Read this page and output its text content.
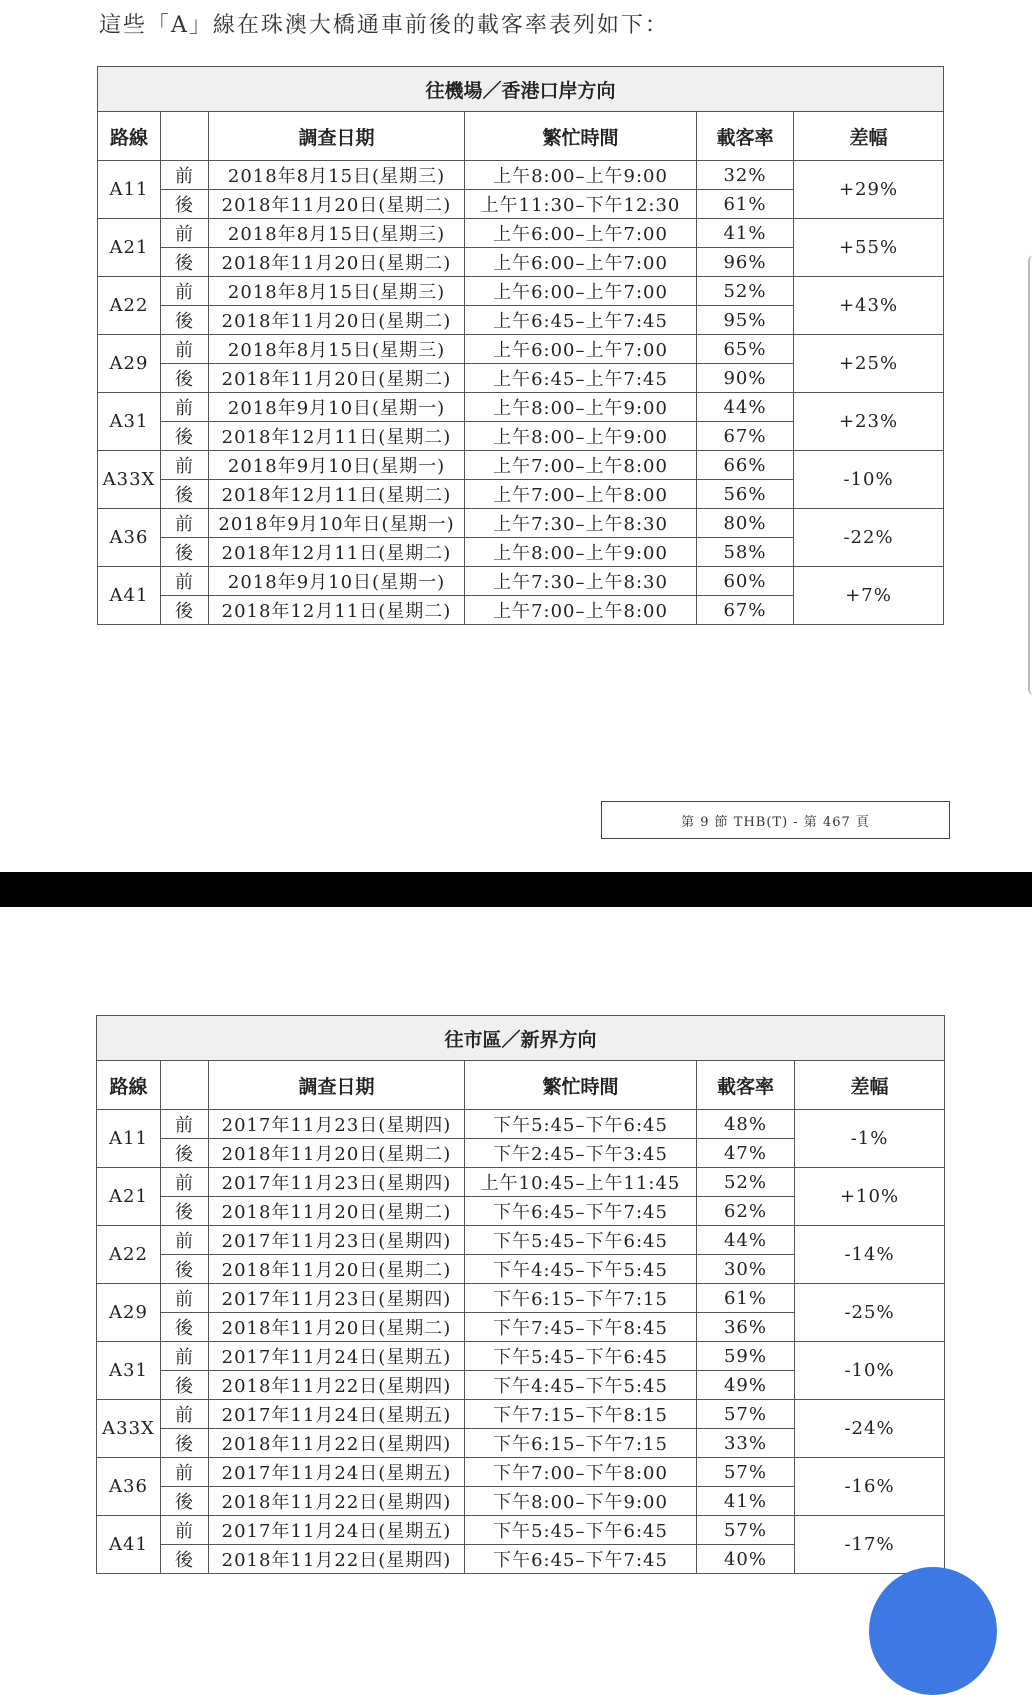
這些「A」線在珠澳大橋通車前後的載客率表列如下：
往機場／香港口岸方向					
路線		調查日期	繁忙時間	載客率	差幅
A11	前	2018年8月15日(星期三)	上午8:00–上午9:00	32%	+29%
	後	2018年11月20日(星期二)	上午11:30–下午12:30	61%	
A21	前	2018年8月15日(星期三)	上午6:00–上午7:00	41%	+55%
	後	2018年11月20日(星期二)	上午6:00–上午7:00	96%	
A22	前	2018年8月15日(星期三)	上午6:00–上午7:00	52%	+43%
	後	2018年11月20日(星期二)	上午6:45–上午7:45	95%	
A29	前	2018年8月15日(星期三)	上午6:00–上午7:00	65%	+25%
	後	2018年11月20日(星期二)	上午6:45–上午7:45	90%	
A31	前	2018年9月10日(星期一)	上午8:00–上午9:00	44%	+23%
	後	2018年12月11日(星期二)	上午8:00–上午9:00	67%	
A33X	前	2018年9月10日(星期一)	上午7:00–上午8:00	66%	-10%
	後	2018年12月11日(星期二)	上午7:00–上午8:00	56%	
A36	前	2018年9月10年日(星期一)	上午7:30–上午8:30	80%	-22%
	後	2018年12月11日(星期二)	上午8:00–上午9:00	58%	
A41	前	2018年9月10日(星期一)	上午7:30–上午8:30	60%	+7%
	後	2018年12月11日(星期二)	上午7:00–上午8:00	67%	
第 9 節 THB(T) - 第 467 頁
往市區／新界方向					
路線		調查日期	繁忙時間	載客率	差幅
A11	前	2017年11月23日(星期四)	下午5:45–下午6:45	48%	-1%
	後	2018年11月20日(星期二)	下午2:45–下午3:45	47%	
A21	前	2017年11月23日(星期四)	上午10:45–上午11:45	52%	+10%
	後	2018年11月20日(星期二)	下午6:45–下午7:45	62%	
A22	前	2017年11月23日(星期四)	下午5:45–下午6:45	44%	-14%
	後	2018年11月20日(星期二)	下午4:45–下午5:45	30%	
A29	前	2017年11月23日(星期四)	下午6:15–下午7:15	61%	-25%
	後	2018年11月20日(星期二)	下午7:45–下午8:45	36%	
A31	前	2017年11月24日(星期五)	下午5:45–下午6:45	59%	-10%
	後	2018年11月22日(星期四)	下午4:45–下午5:45	49%	
A33X	前	2017年11月24日(星期五)	下午7:15–下午8:15	57%	-24%
	後	2018年11月22日(星期四)	下午6:15–下午7:15	33%	
A36	前	2017年11月24日(星期五)	下午7:00–下午8:00	57%	-16%
	後	2018年11月22日(星期四)	下午8:00–下午9:00	41%	
A41	前	2017年11月24日(星期五)	下午5:45–下午6:45	57%	-17%
	後	2018年11月22日(星期四)	下午6:45–下午7:45	40%	
